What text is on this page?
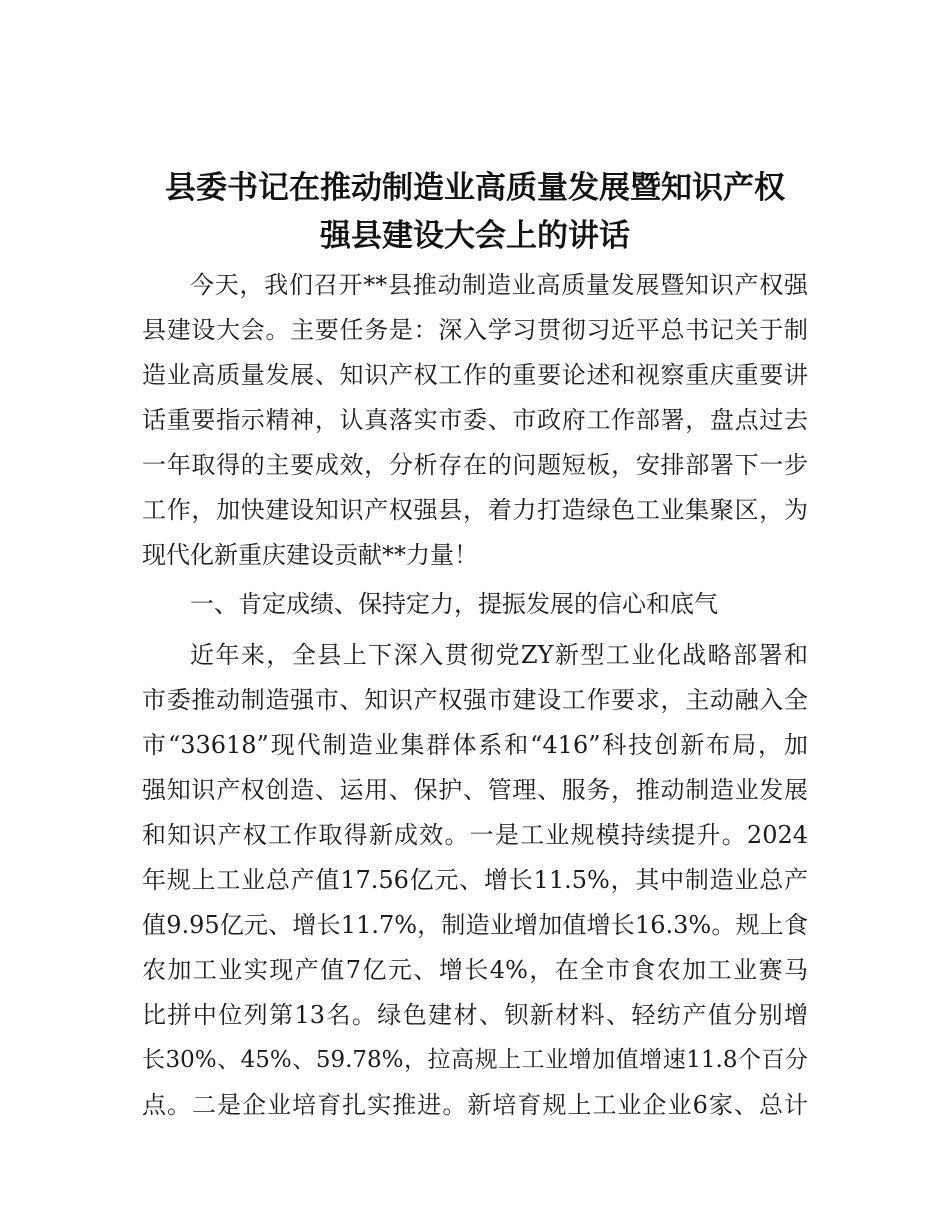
县委书记在推动制造业高质量发展暨知识产权
强县建设大会上的讲话
今天，我们召开**县推动制造业高质量发展暨知识产权强
县建设大会。主要任务是：深入学习贯彻习近平总书记关于制
造业高质量发展、知识产权工作的重要论述和视察重庆重要讲
话重要指示精神，认真落实市委、市政府工作部署，盘点过去
一年取得的主要成效，分析存在的问题短板，安排部署下一步
工作，加快建设知识产权强县，着力打造绿色工业集聚区，为
现代化新重庆建设贡献**力量！
一、肯定成绩、保持定力，提振发展的信心和底气
近年来，全县上下深入贯彻党ZY新型工业化战略部署和
市委推动制造强市、知识产权强市建设工作要求，主动融入全
市“33618”现代制造业集群体系和“416”科技创新布局，加
强知识产权创造、运用、保护、管理、服务，推动制造业发展
和知识产权工作取得新成效。一是工业规模持续提升。2024
年规上工业总产值17.56亿元、增长11.5%，其中制造业总产
值9.95亿元、增长11.7%，制造业增加值增长16.3%。规上食
农加工业实现产值7亿元、增长4%，在全市食农加工业赛马
比拼中位列第13名。绿色建材、钡新材料、轻纺产值分别增
长30%、45%、59.78%，拉高规上工业增加值增速11.8个百分
点。二是企业培育扎实推进。新培育规上工业企业6家、总计
